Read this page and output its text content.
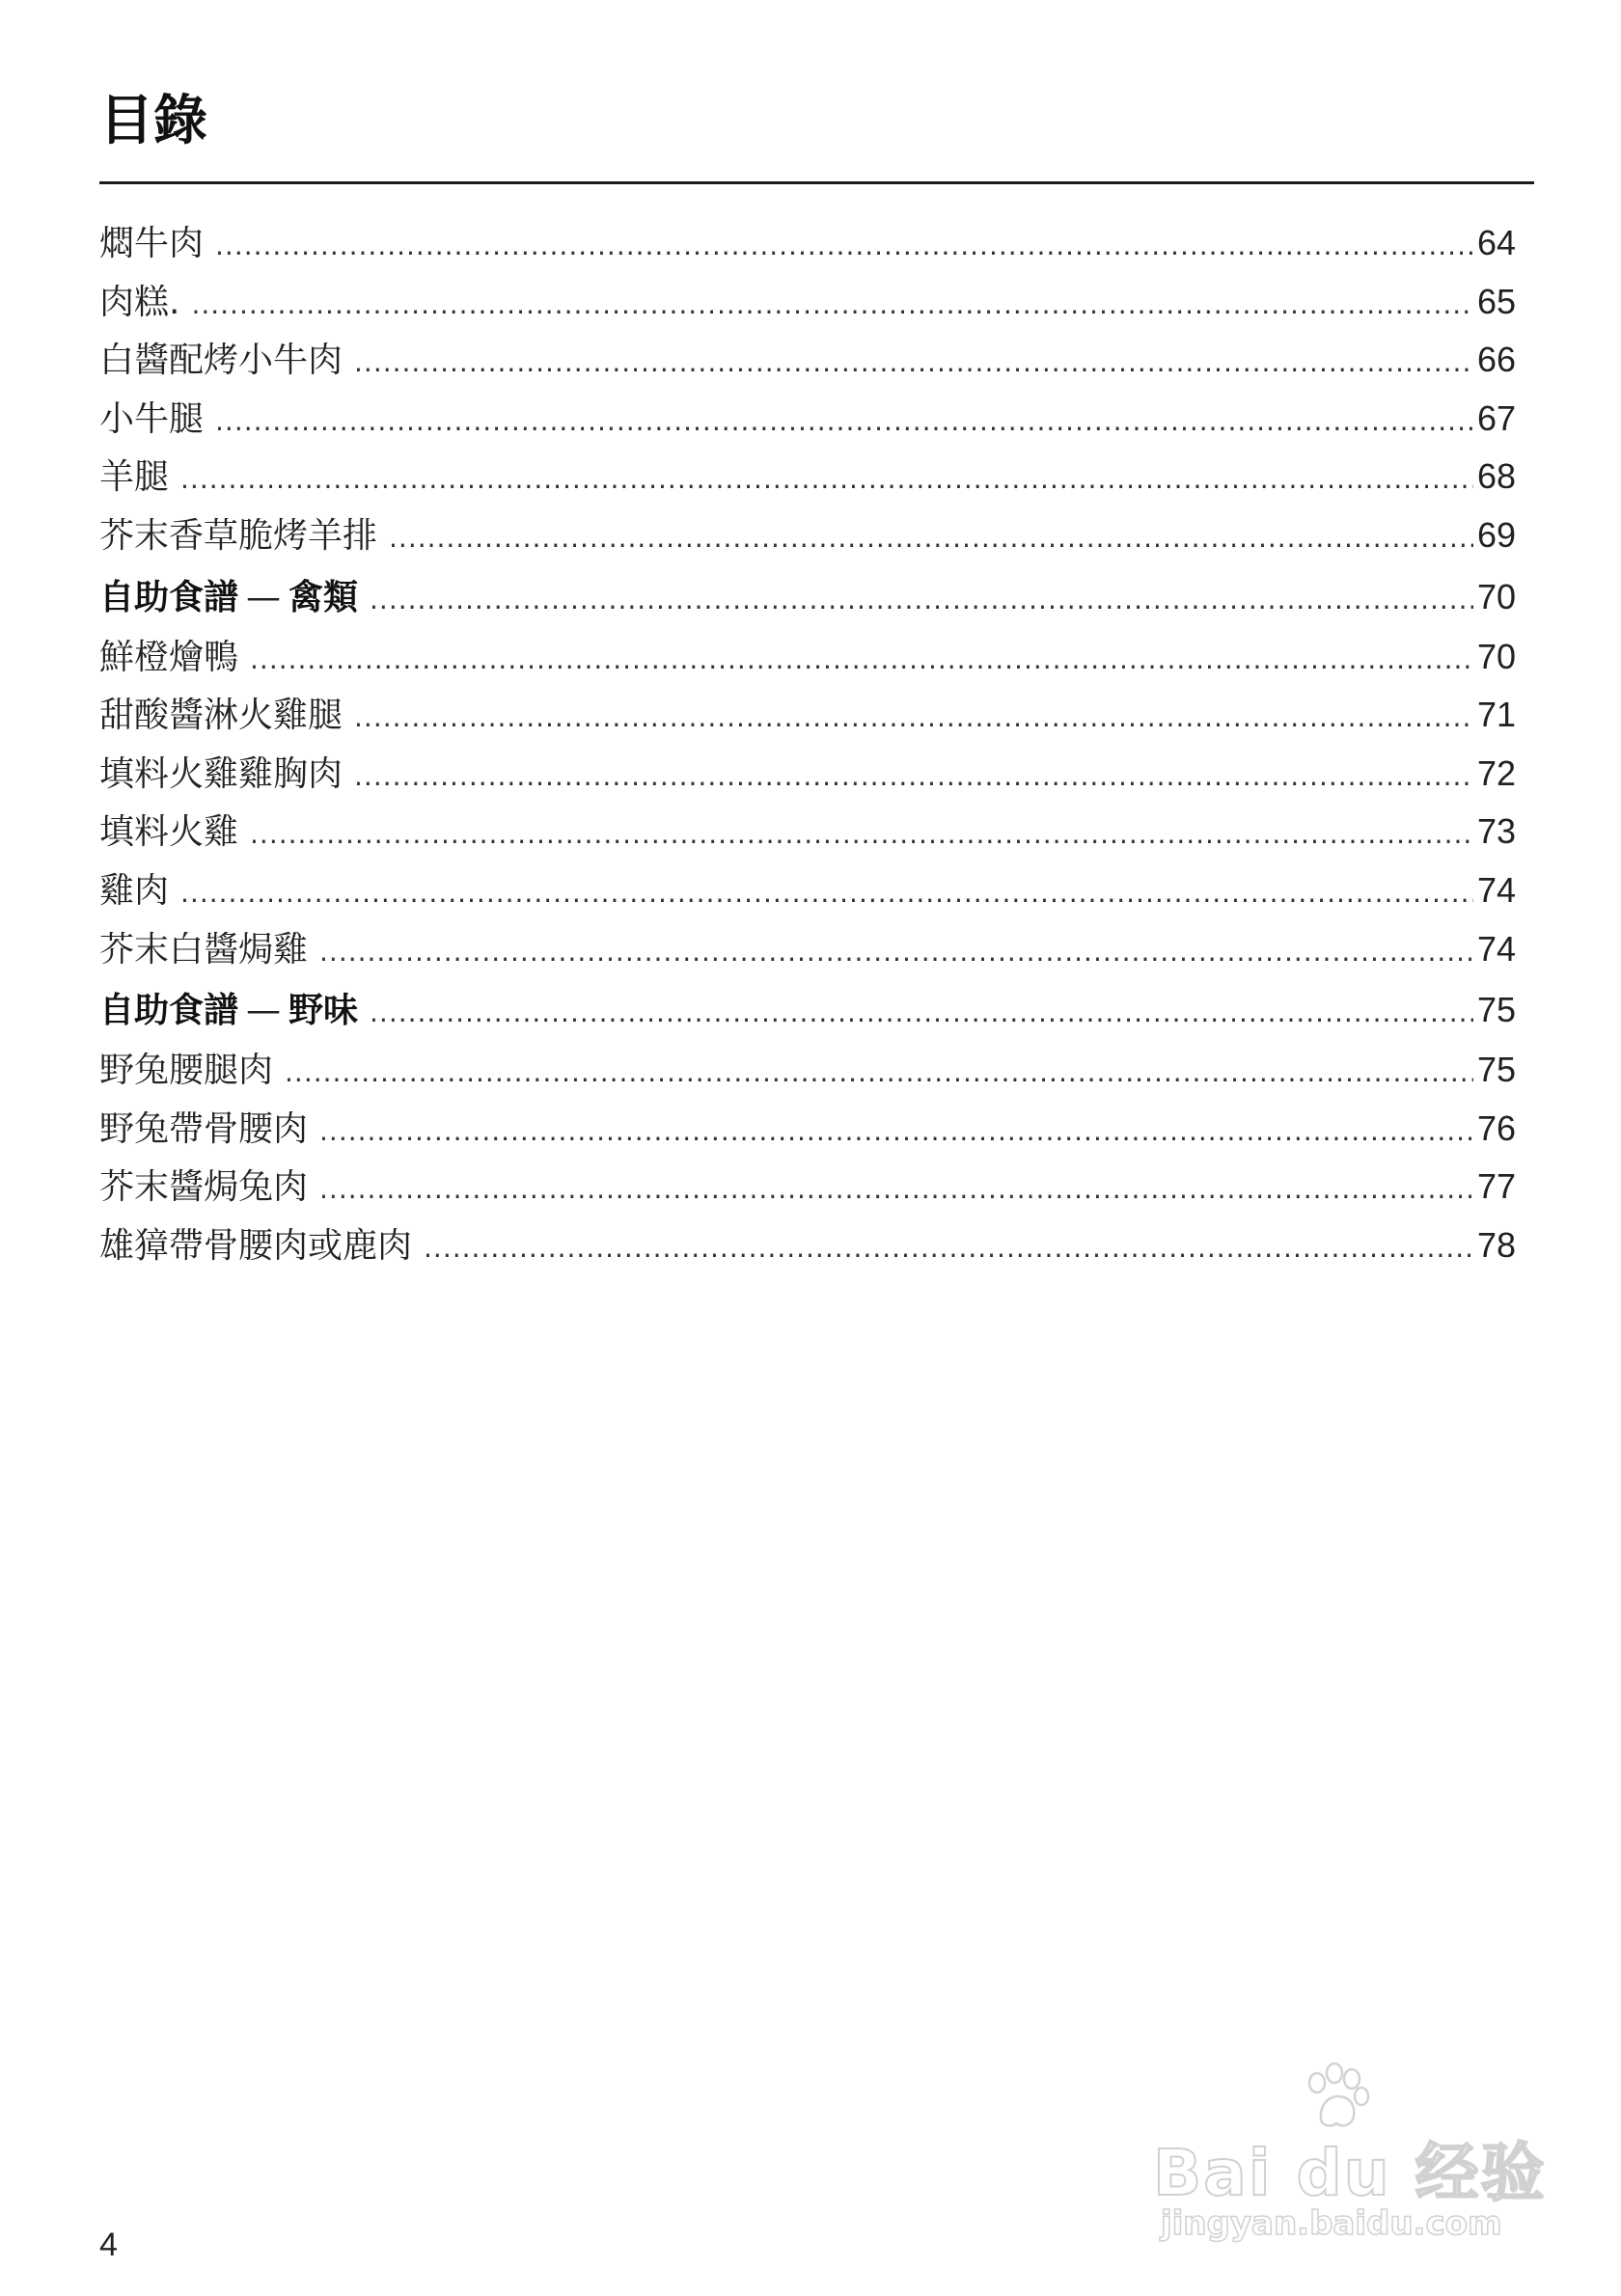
目錄
燜牛肉 .....	64
肉糕. .....	65
白醬配烤小牛肉 .....	66
小牛腿 .....	67
羊腿 .....	68
芥末香草脆烤羊排 .....	69
自助食譜 — 禽類 .....	70
鮮橙燴鴨 .....	70
甜酸醬淋火雞腿 .....	71
填料火雞雞胸肉 .....	72
填料火雞 .....	73
雞肉 .....	74
芥末白醬焗雞 .....	74
自助食譜 — 野味 .....	75
野兔腰腿肉 .....	75
野兔帶骨腰肉 .....	76
芥末醬焗兔肉 .....	77
雄獐帶骨腰肉或鹿肉 .....	78
4
Bai du 经验
jingyan.baidu.com
